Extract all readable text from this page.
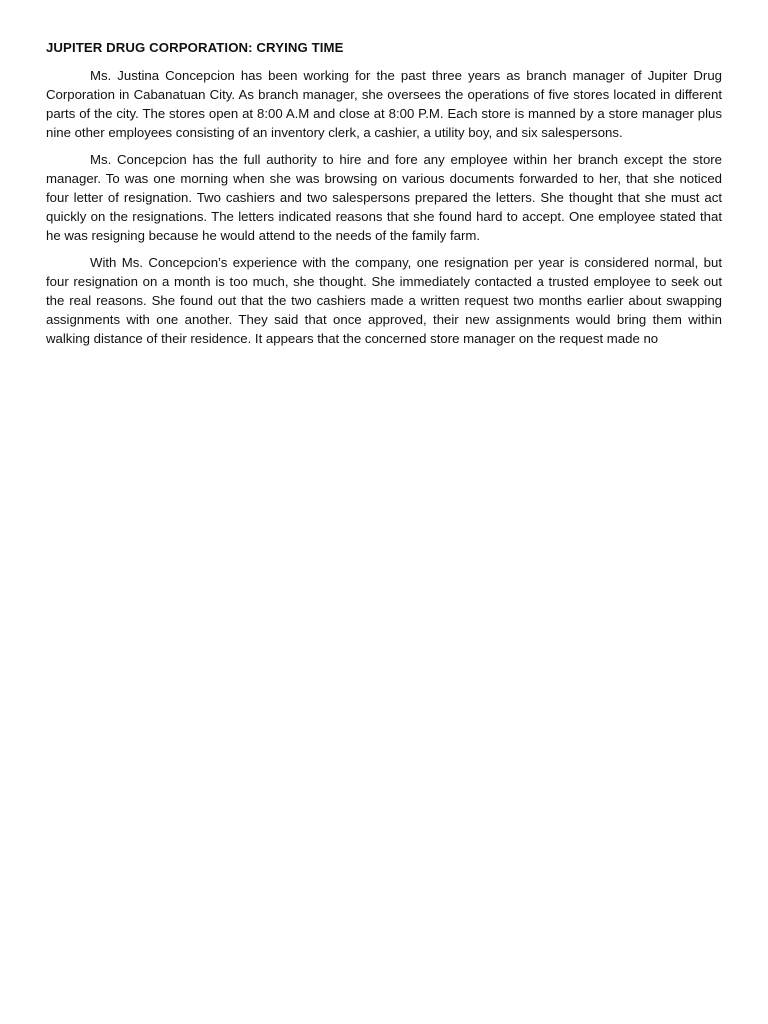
JUPITER DRUG CORPORATION: CRYING TIME

Ms. Justina Concepcion has been working for the past three years as branch manager of Jupiter Drug Corporation in Cabanatuan City. As branch manager, she oversees the operations of five stores located in different parts of the city. The stores open at 8:00 A.M and close at 8:00 P.M. Each store is manned by a store manager plus nine other employees consisting of an inventory clerk, a cashier, a utility boy, and six salespersons.

Ms. Concepcion has the full authority to hire and fore any employee within her branch except the store manager. To was one morning when she was browsing on various documents forwarded to her, that she noticed four letter of resignation. Two cashiers and two salespersons prepared the letters. She thought that she must act quickly on the resignations. The letters indicated reasons that she found hard to accept. One employee stated that he was resigning because he would attend to the needs of the family farm.

With Ms. Concepcion’s experience with the company, one resignation per year is considered normal, but four resignation on a month is too much, she thought. She immediately contacted a trusted employee to seek out the real reasons. She found out that the two cashiers made a written request two months earlier about swapping assignments with one another. They said that once approved, their new assignments would bring them within walking distance of their residence. It appears that the concerned store manager on the request made no
